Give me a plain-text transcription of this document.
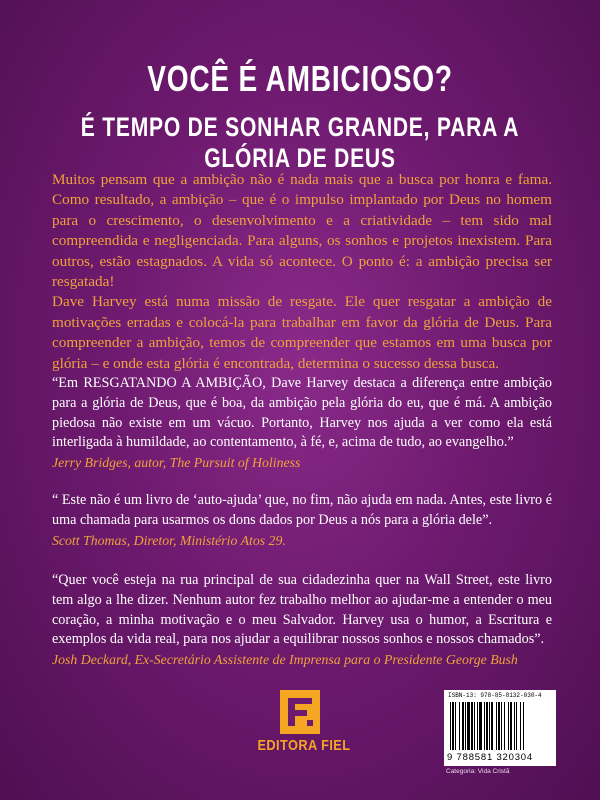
VOCÊ É AMBICIOSO?
É TEMPO DE SONHAR GRANDE, PARA A GLÓRIA DE DEUS

Muitos pensam que a ambição não é nada mais que a busca por honra e fama. Como resultado, a ambição – que é o impulso implantado por Deus no homem para o crescimento, o desenvolvimento e a criatividade – tem sido mal compreendida e negligenciada. Para alguns, os sonhos e projetos inexistem. Para outros, estão estagnados. A vida só acontece. O ponto é: a ambição precisa ser resgatada!

Dave Harvey está numa missão de resgate. Ele quer resgatar a ambição de motivações erradas e colocá-la para trabalhar em favor da glória de Deus. Para compreender a ambição, temos de compreender que estamos em uma busca por glória – e onde esta glória é encontrada, determina o sucesso dessa busca.

“Em RESGATANDO A AMBIÇÃO, Dave Harvey destaca a diferença entre ambição para a glória de Deus, que é boa, da ambição pela glória do eu, que é má. A ambição piedosa não existe em um vácuo. Portanto, Harvey nos ajuda a ver como ela está interligada à humildade, ao contentamento, à fé, e, acima de tudo, ao evangelho.”

Jerry Bridges, autor, The Pursuit of Holiness

“ Este não é um livro de ‘auto-ajuda’ que, no fim, não ajuda em nada. Antes, este livro é uma chamada para usarmos os dons dados por Deus a nós para a glória dele”.

Scott Thomas, Diretor, Ministério Atos 29.

“Quer você esteja na rua principal de sua cidadezinha quer na Wall Street, este livro tem algo a lhe dizer. Nenhum autor fez trabalho melhor ao ajudar-me a entender o meu coração, a minha motivação e o meu Salvador. Harvey usa o humor, a Escritura e exemplos da vida real, para nos ajudar a equilibrar nossos sonhos e nossos chamados”.

Josh Deckard, Ex-Secretário Assistente de Imprensa para o Presidente George Bush
EDITORA FIEL
ISBN-13: 978-85-8132-030-4
9 788581 320304
Categoria: Vida Cristã
